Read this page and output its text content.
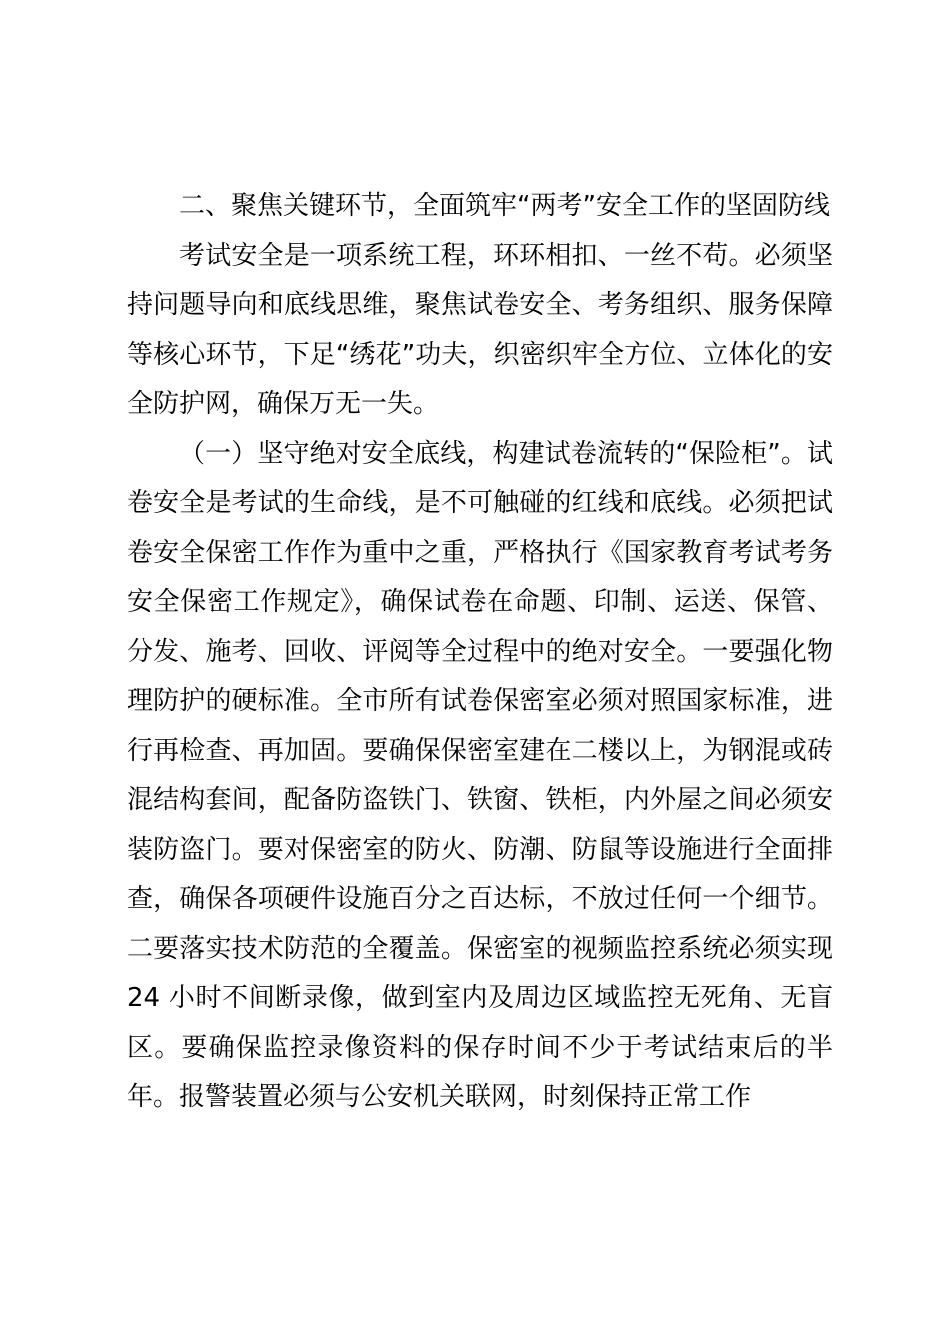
二、聚焦关键环节，全面筑牢“两考”安全工作的坚固防线

考试安全是一项系统工程，环环相扣、一丝不苟。必须坚持问题导向和底线思维，聚焦试卷安全、考务组织、服务保障等核心环节，下足“绣花”功夫，织密织牢全方位、立体化的安全防护网，确保万无一失。

（一）坚守绝对安全底线，构建试卷流转的“保险柜”。试卷安全是考试的生命线，是不可触碰的红线和底线。必须把试卷安全保密工作作为重中之重，严格执行《国家教育考试考务安全保密工作规定》，确保试卷在命题、印制、运送、保管、分发、施考、回收、评阅等全过程中的绝对安全。一要强化物理防护的硬标准。全市所有试卷保密室必须对照国家标准，进行再检查、再加固。要确保保密室建在二楼以上，为钢混或砖混结构套间，配备防盗铁门、铁窗、铁柜，内外屋之间必须安装防盗门。要对保密室的防火、防潮、防鼠等设施进行全面排查，确保各项硬件设施百分之百达标，不放过任何一个细节。二要落实技术防范的全覆盖。保密室的视频监控系统必须实现 24 小时不间断录像，做到室内及周边区域监控无死角、无盲区。要确保监控录像资料的保存时间不少于考试结束后的半年。报警装置必须与公安机关联网，时刻保持正常工作
